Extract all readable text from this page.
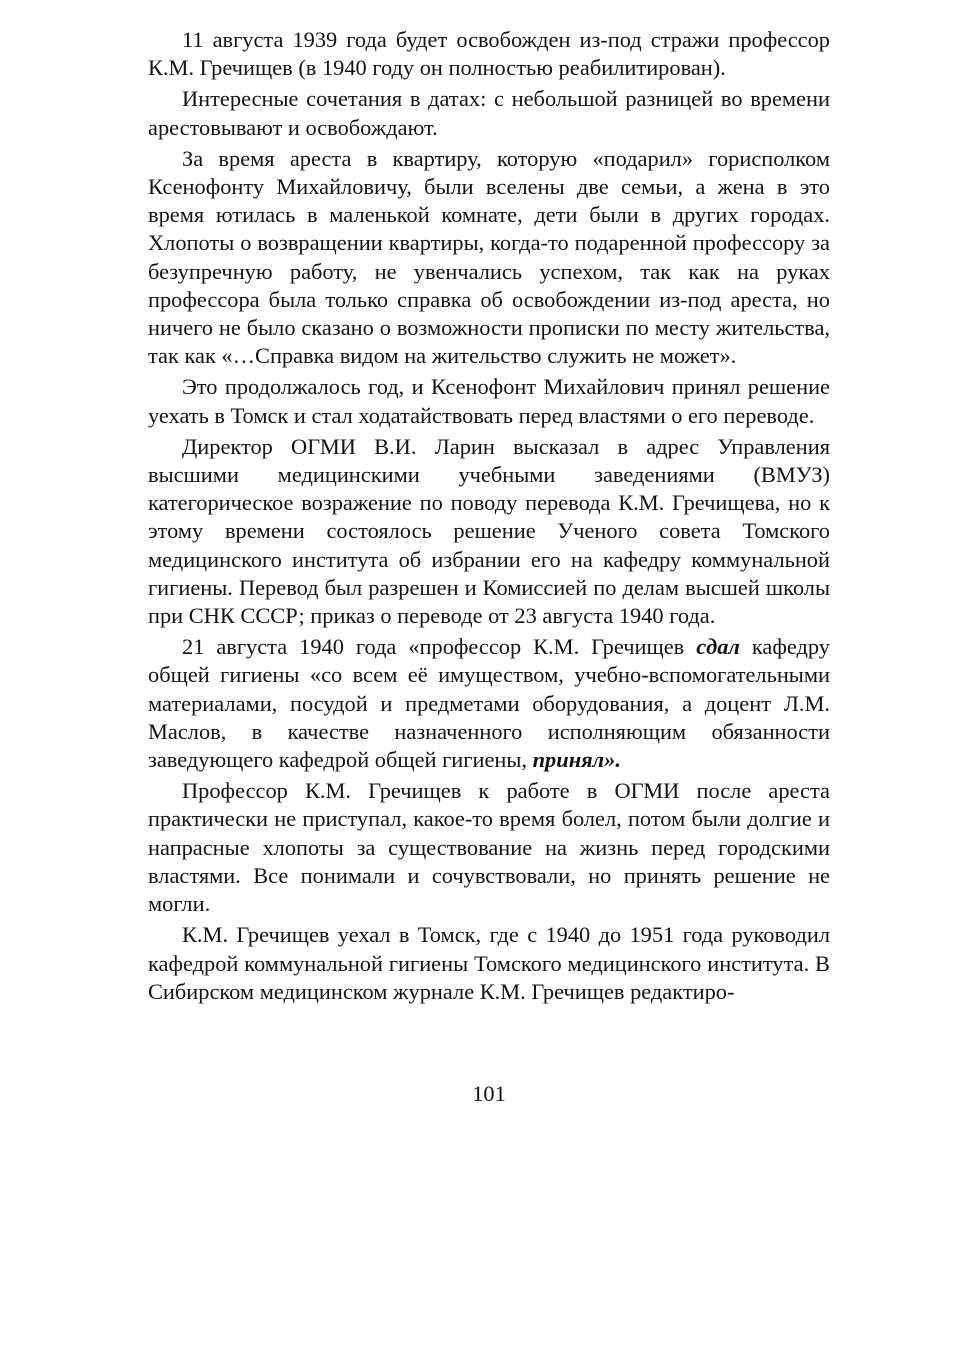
11 августа 1939 года будет освобожден из-под стражи профессор К.М. Гречищев (в 1940 году он полностью реабилитирован).

Интересные сочетания в датах: с небольшой разницей во времени арестовывают и освобождают.

За время ареста в квартиру, которую «подарил» горисполком Ксенофонту Михайловичу, были вселены две семьи, а жена в это время ютилась в маленькой комнате, дети были в других городах. Хлопоты о возвращении квартиры, когда-то подаренной профессору за безупречную работу, не увенчались успехом, так как на руках профессора была только справка об освобождении из-под ареста, но ничего не было сказано о возможности прописки по месту жительства, так как «…Справка видом на жительство служить не может».

Это продолжалось год, и Ксенофонт Михайлович принял решение уехать в Томск и стал ходатайствовать перед властями о его переводе.

Директор ОГМИ В.И. Ларин высказал в адрес Управления высшими медицинскими учебными заведениями (ВМУЗ) категорическое возражение по поводу перевода К.М. Гречищева, но к этому времени состоялось решение Ученого совета Томского медицинского института об избрании его на кафедру коммунальной гигиены. Перевод был разрешен и Комиссией по делам высшей школы при СНК СССР; приказ о переводе от 23 августа 1940 года.

21 августа 1940 года «профессор К.М. Гречищев сдал кафедру общей гигиены «со всем её имуществом, учебно-вспомогательными материалами, посудой и предметами оборудования, а доцент Л.М. Маслов, в качестве назначенного исполняющим обязанности заведующего кафедрой общей гигиены, принял».

Профессор К.М. Гречищев к работе в ОГМИ после ареста практически не приступал, какое-то время болел, потом были долгие и напрасные хлопоты за существование на жизнь перед городскими властями. Все понимали и сочувствовали, но принять решение не могли.

К.М. Гречищев уехал в Томск, где с 1940 до 1951 года руководил кафедрой коммунальной гигиены Томского медицинского института. В Сибирском медицинском журнале К.М. Гречищев редактиро-

101
